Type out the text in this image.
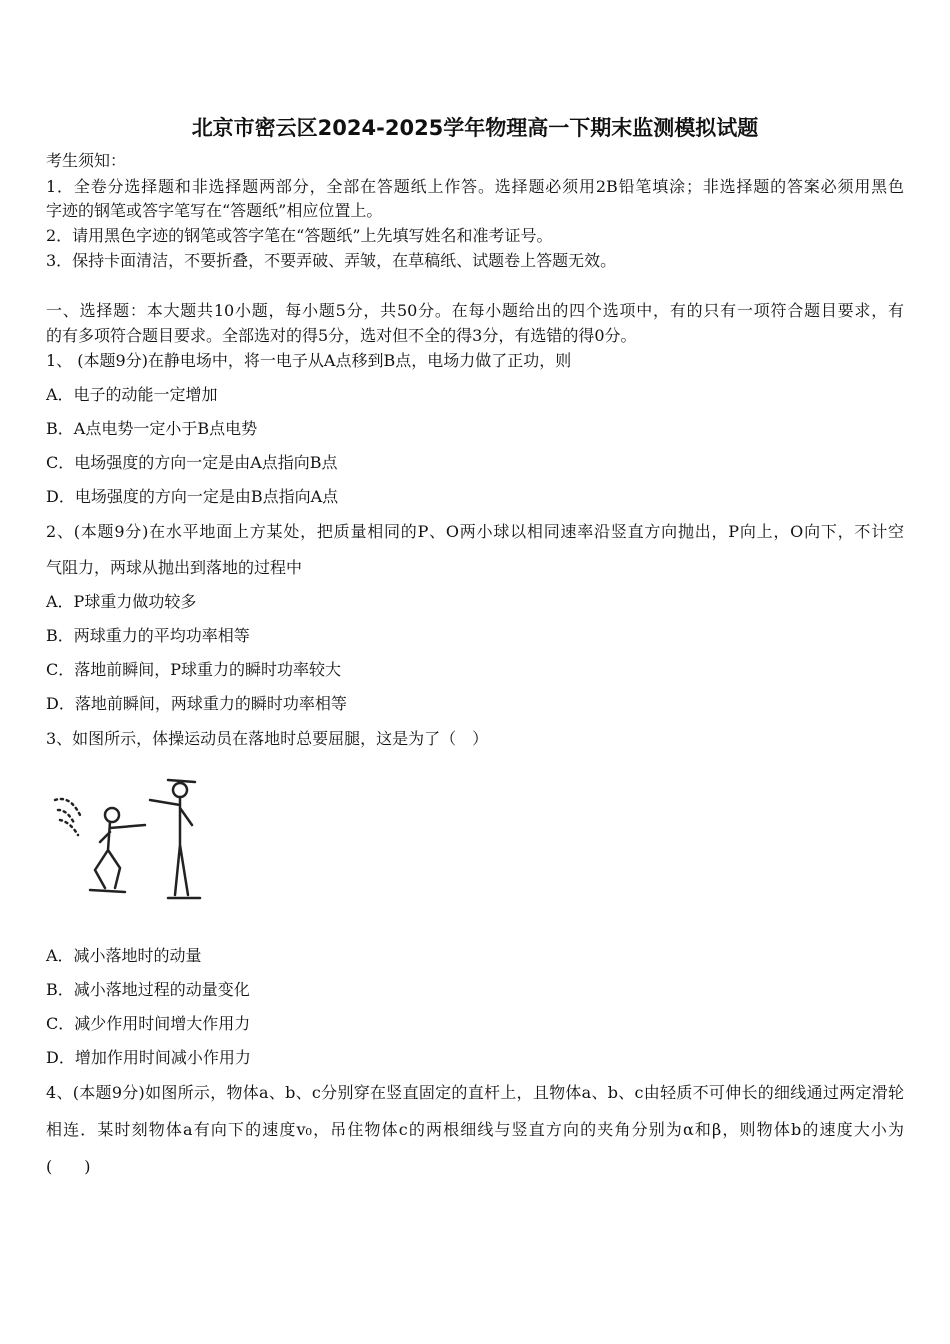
北京市密云区2024-2025学年物理高一下期末监测模拟试题
考生须知：
1．全卷分选择题和非选择题两部分，全部在答题纸上作答。选择题必须用2B铅笔填涂；非选择题的答案必须用黑色
字迹的钢笔或答字笔写在“答题纸”相应位置上。
2．请用黑色字迹的钢笔或答字笔在“答题纸”上先填写姓名和准考证号。
3．保持卡面清洁，不要折叠，不要弄破、弄皱，在草稿纸、试题卷上答题无效。
一、选择题：本大题共10小题，每小题5分，共50分。在每小题给出的四个选项中，有的只有一项符合题目要求，有
的有多项符合题目要求。全部选对的得5分，选对但不全的得3分，有选错的得0分。
1、 (本题9分)在静电场中，将一电子从A点移到B点，电场力做了正功，则
A．电子的动能一定增加
B．A点电势一定小于B点电势
C．电场强度的方向一定是由A点指向B点
D．电场强度的方向一定是由B点指向A点
2、(本题9分)在水平地面上方某处，把质量相同的P、O两小球以相同速率沿竖直方向抛出，P向上，O向下，不计空
气阻力，两球从抛出到落地的过程中
A．P球重力做功较多
B．两球重力的平均功率相等
C．落地前瞬间，P球重力的瞬时功率较大
D．落地前瞬间，两球重力的瞬时功率相等
3、如图所示，体操运动员在落地时总要屈腿，这是为了（　）
A．减小落地时的动量
B．减小落地过程的动量变化
C．减少作用时间增大作用力
D．增加作用时间减小作用力
4、(本题9分)如图所示，物体a、b、c分别穿在竖直固定的直杆上，且物体a、b、c由轻质不可伸长的细线通过两定滑轮
相连．某时刻物体a有向下的速度v₀，吊住物体c的两根细线与竖直方向的夹角分别为α和β，则物体b的速度大小为
(　　)
